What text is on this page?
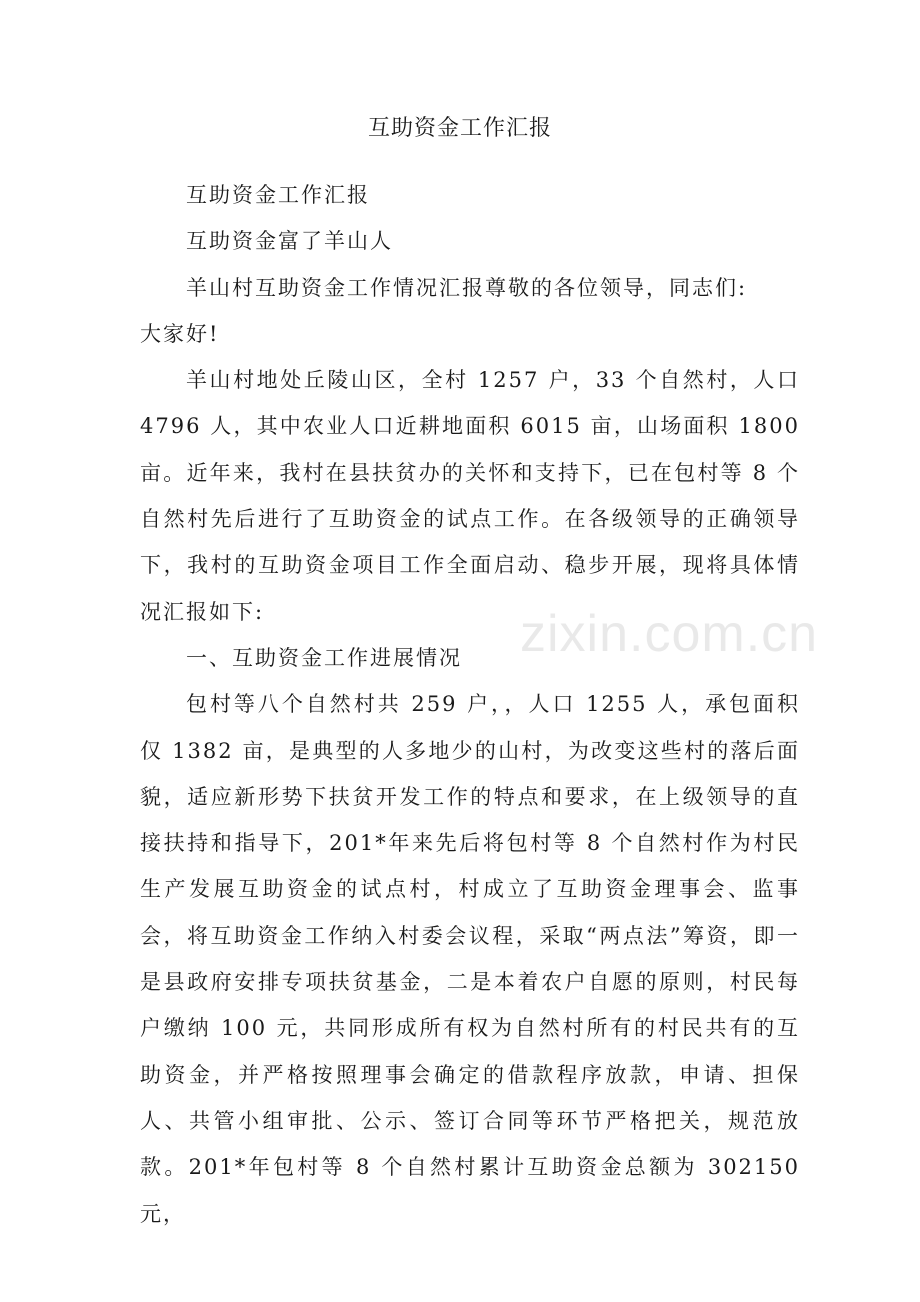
互助资金工作汇报

互助资金工作汇报

互助资金富了羊山人

羊山村互助资金工作情况汇报尊敬的各位领导，同志们:

大家好!

羊山村地处丘陵山区，全村 1257 户，33 个自然村，人口 4796 人，其中农业人口近耕地面积 6015 亩，山场面积 1800 亩。近年来，我村在县扶贫办的关怀和支持下，已在包村等 8 个自然村先后进行了互助资金的试点工作。在各级领导的正确领导下，我村的互助资金项目工作全面启动、稳步开展，现将具体情况汇报如下:

一、互助资金工作进展情况

包村等八个自然村共 259 户，，人口 1255 人，承包面积仅 1382 亩，是典型的人多地少的山村，为改变这些村的落后面貌，适应新形势下扶贫开发工作的特点和要求，在上级领导的直接扶持和指导下，201*年来先后将包村等 8 个自然村作为村民生产发展互助资金的试点村，村成立了互助资金理事会、监事会，将互助资金工作纳入村委会议程，采取“两点法”筹资，即一是县政府安排专项扶贫基金，二是本着农户自愿的原则，村民每户缴纳 100 元，共同形成所有权为自然村所有的村民共有的互助资金，并严格按照理事会确定的借款程序放款，申请、担保人、共管小组审批、公示、签订合同等环节严格把关，规范放款。201*年包村等 8 个自然村累计互助资金总额为 302150 元，

zixin.com.cn
